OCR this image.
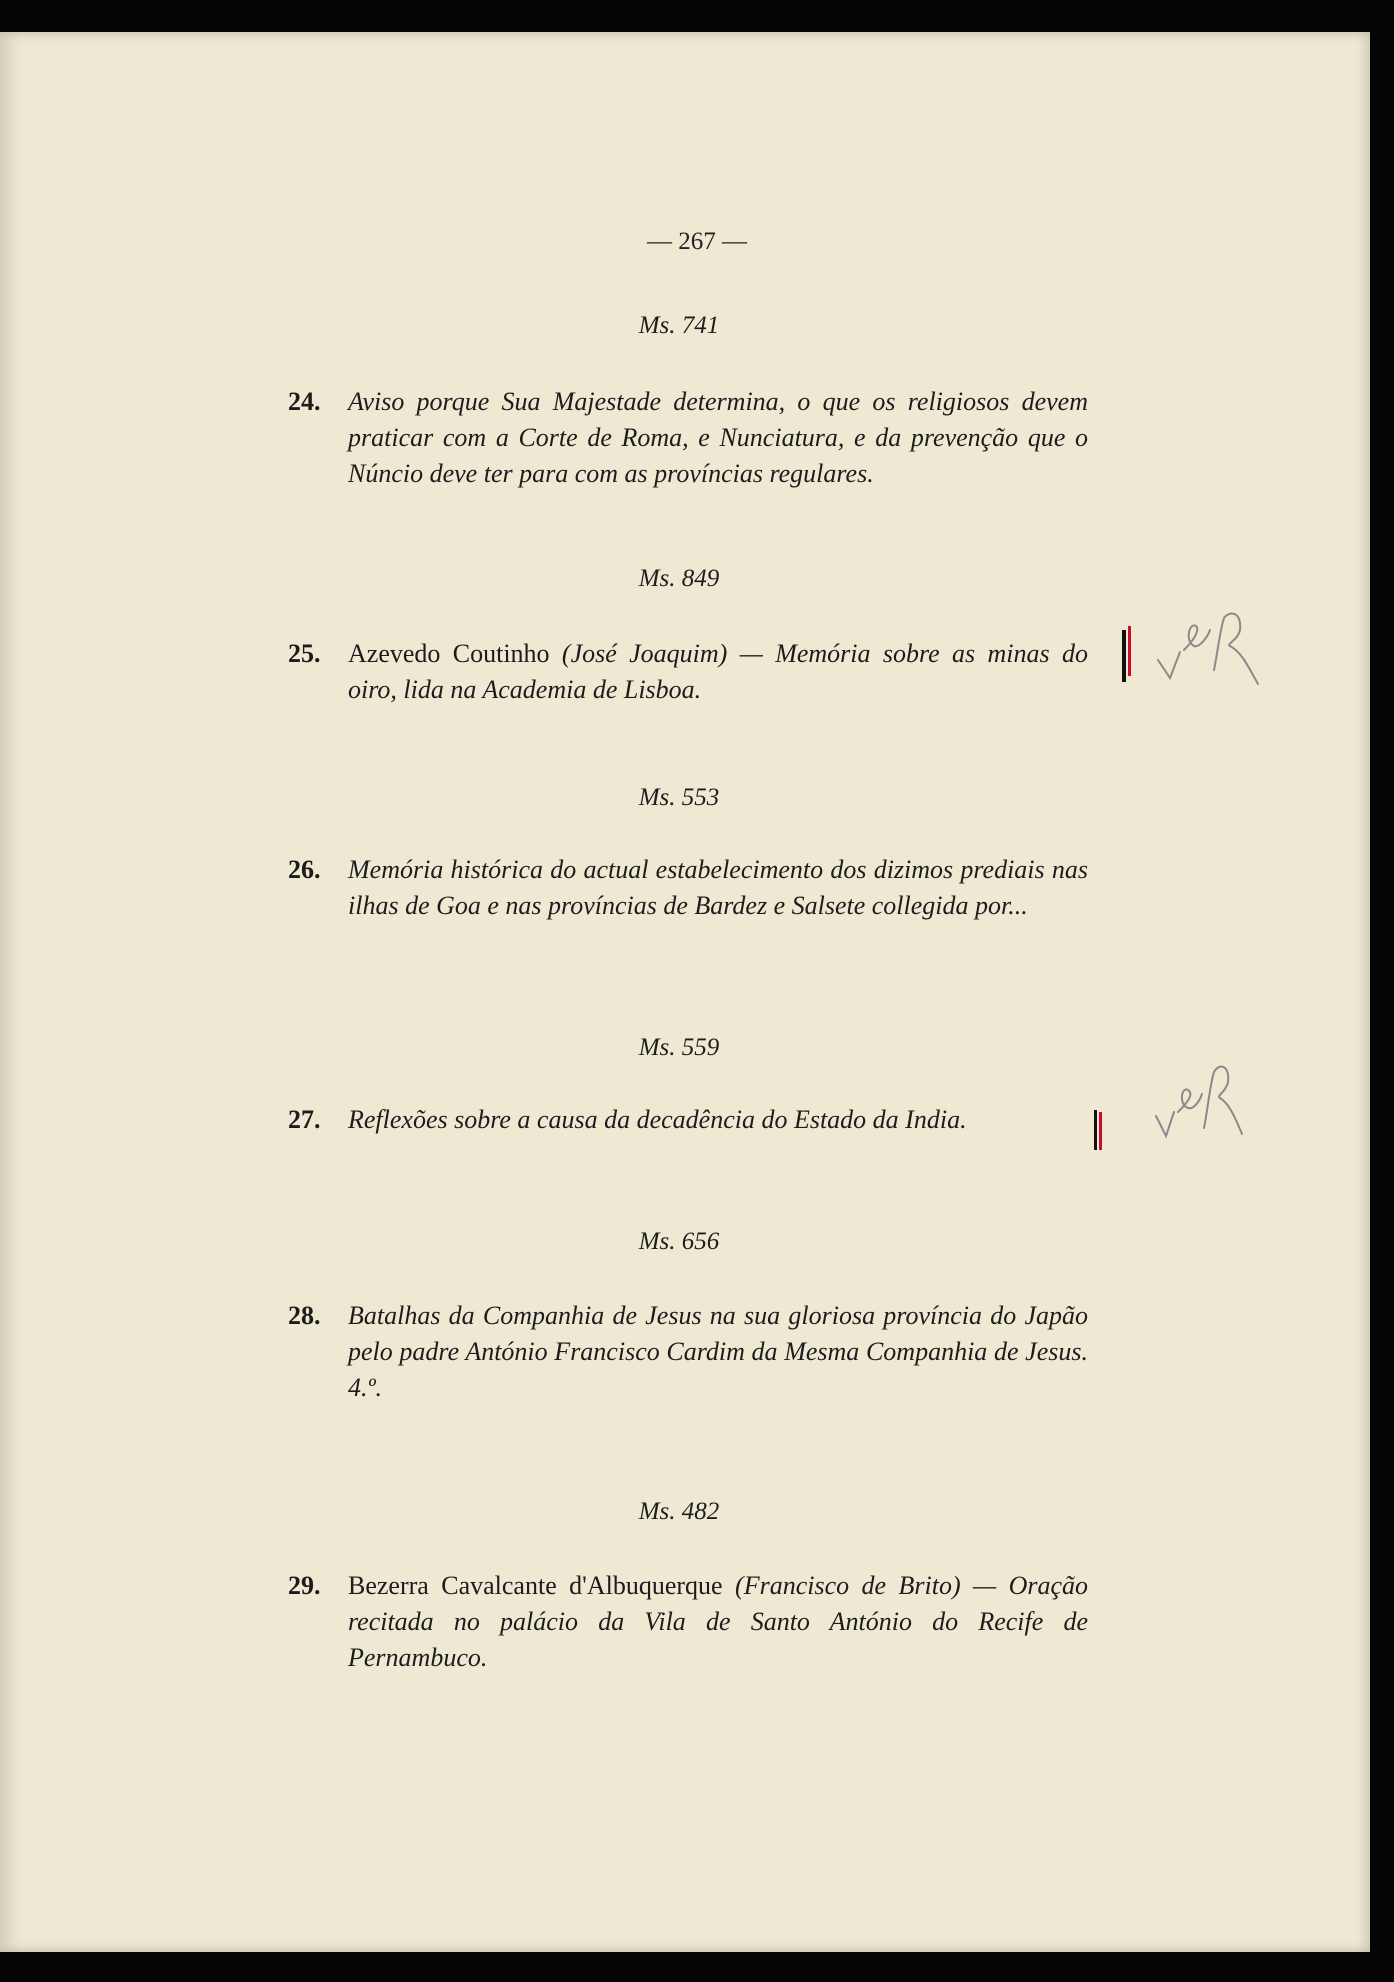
— 267 —
Ms. 741
24. Aviso porque Sua Majestade determina, o que os religiosos devem praticar com a Corte de Roma, e Nunciatura, e da prevenção que o Núncio deve ter para com as províncias regulares.
Ms. 849
25. Azevedo Coutinho (José Joaquim) — Memória sobre as minas do oiro, lida na Academia de Lisboa.
Ms. 553
26. Memória histórica do actual estabelecimento dos dizimos prediais nas ilhas de Goa e nas províncias de Bardez e Salsete collegida por...
Ms. 559
27. Reflexões sobre a causa da decadência do Estado da India.
Ms. 656
28. Batalhas da Companhia de Jesus na sua gloriosa província do Japão pelo padre António Francisco Cardim da Mesma Companhia de Jesus. 4.º.
Ms. 482
29. Bezerra Cavalcante d'Albuquerque (Francisco de Brito) — Oração recitada no palácio da Vila de Santo António do Recife de Pernambuco.
